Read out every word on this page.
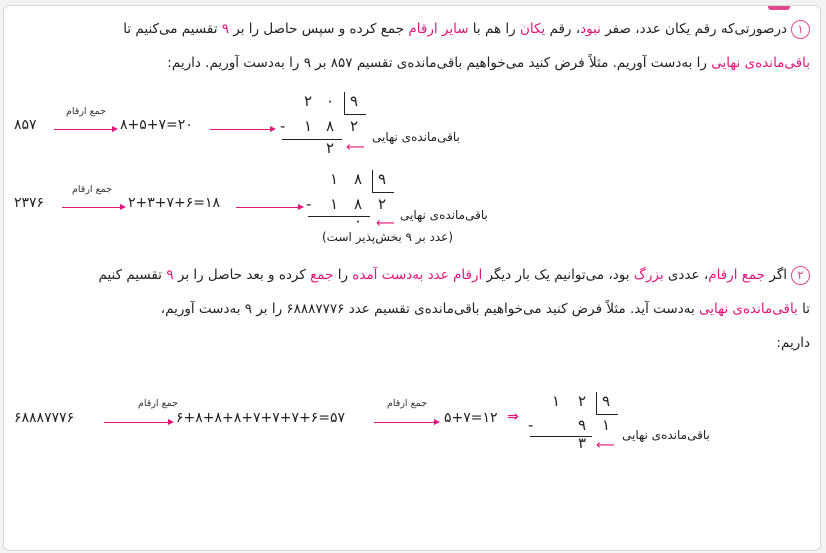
۱درصورتی‌که رقم یکان عدد، صفر نبود، رقم یکان را هم با سایر ارقام جمع کرده و سپس حاصل را بر ۹ تقسیم می‌کنیم تا
باقی‌مانده‌ی نهایی را به‌دست آوریم. مثلاً فرض کنید می‌خواهیم باقی‌مانده‌ی تقسیم ۸۵۷ بر ۹ را به‌دست آوریم. داریم:
۸۵۷
جمع ارقام
۸+۵+۷=۲۰
۲ ۰ ۹
- ۱ ۸ ۲
۲ ⟵
باقی‌مانده‌ی نهایی
۲۳۷۶
جمع ارقام
۲+۳+۷+۶=۱۸
۱ ۸ ۹
- ۱ ۸ ۲
۰ ⟵
باقی‌مانده‌ی نهایی
(عدد بر ۹ بخش‌پذیر است)
۲اگر جمع ارقام، عددی بزرگ بود، می‌توانیم یک بار دیگر ارقام عدد به‌دست آمده را جمع کرده و بعد حاصل را بر ۹ تقسیم کنیم
تا باقی‌مانده‌ی نهایی به‌دست آید. مثلاً فرض کنید می‌خواهیم باقی‌مانده‌ی تقسیم عدد ۶۸۸۸۷۷۷۶ را بر ۹ به‌دست آوریم،
داریم:
۶۸۸۸۷۷۷۶
جمع ارقام
۶+۸+۸+۸+۷+۷+۷+۶=۵۷
جمع ارقام
۵+۷=۱۲ ⇒
۱ ۲ ۹
-	۹ ۱
۳ ⟵
باقی‌مانده‌ی نهایی
